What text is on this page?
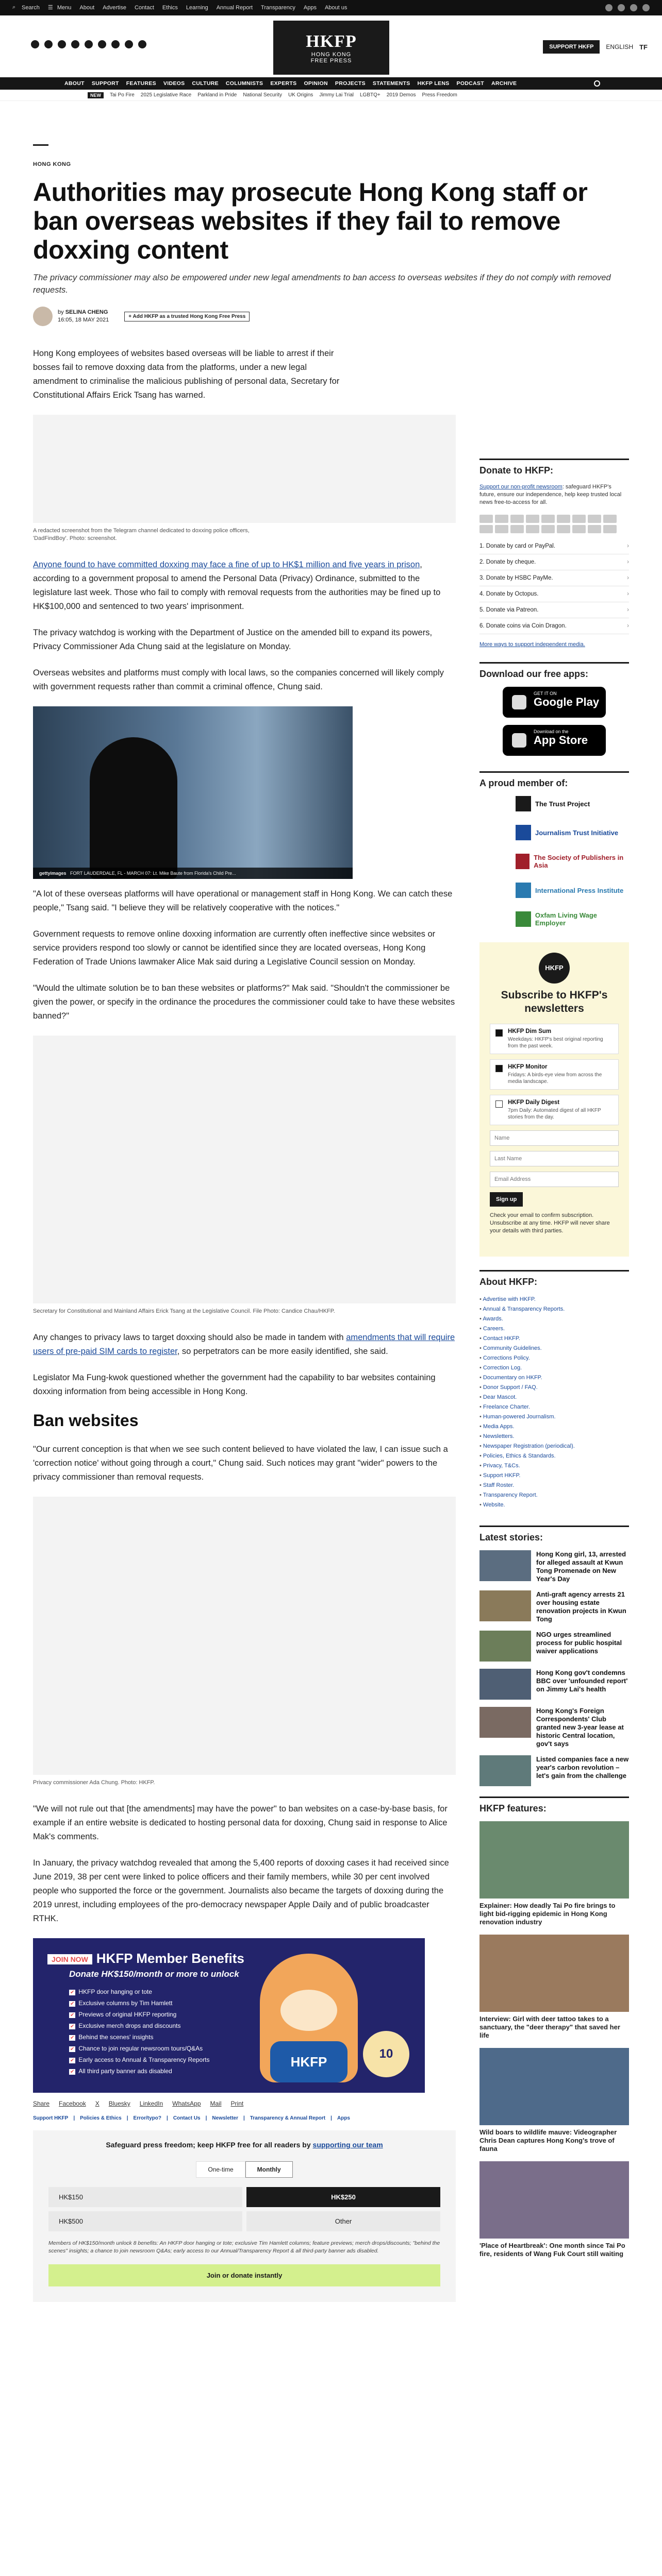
⌕	Search ☰ Menu About Advertise Contact Ethics Learning Annual Report Transparency Apps About us
HKFP
HONG KONG
FREE PRESS
SUPPORT HKFP	ENGLISH TF
ABOUT SUPPORT FEATURES VIDEOS CULTURE COLUMNISTS EXPERTS OPINION PROJECTS STATEMENTS HKFP LENS PODCAST ARCHIVE
NEW	Tai Po Fire 2025 Legislative Race Parkland in Pride National Security UK Origins Jimmy Lai Trial LGBTQ+ 2019 Demos Press Freedom
HONG KONG
Authorities may prosecute Hong Kong staff or ban overseas websites if they fail to remove doxxing content

The privacy commissioner may also be empowered under new legal amendments to ban access to overseas websites if they do not comply with removed requests.

by SELINA CHENG
16:05, 18 MAY 2021
+ Add HKFP as a trusted Hong Kong Free Press

Hong Kong employees of websites based overseas will be liable to arrest if their bosses fail to remove doxxing data from the platforms, under a new legal amendment to criminalise the malicious publishing of personal data, Secretary for Constitutional Affairs Erick Tsang has warned.

A redacted screenshot from the Telegram channel dedicated to doxxing police officers, 'DadFindBoy'. Photo: screenshot.

Anyone found to have committed doxxing may face a fine of up to HK$1 million and five years in prison, according to a government proposal to amend the Personal Data (Privacy) Ordinance, submitted to the legislature last week. Those who fail to comply with removal requests from the authorities may be fined up to HK$100,000 and sentenced to two years' imprisonment.

The privacy watchdog is working with the Department of Justice on the amended bill to expand its powers, Privacy Commissioner Ada Chung said at the legislature on Monday.

Overseas websites and platforms must comply with local laws, so the companies concerned will likely comply with government requests rather than commit a criminal offence, Chung said.

gettyimages FORT LAUDERDALE, FL - MARCH 07: Lt. Mike Baute from Florida's Child Pre...

"A lot of these overseas platforms will have operational or management staff in Hong Kong. We can catch these people," Tsang said. "I believe they will be relatively cooperative with the notices."

Government requests to remove online doxxing information are currently often ineffective since websites or service providers respond too slowly or cannot be identified since they are located overseas, Hong Kong Federation of Trade Unions lawmaker Alice Mak said during a Legislative Council session on Monday.

"Would the ultimate solution be to ban these websites or platforms?" Mak said. "Shouldn't the commissioner be given the power, or specify in the ordinance the procedures the commissioner could take to have these websites banned?"

Secretary for Constitutional and Mainland Affairs Erick Tsang at the Legislative Council. File Photo: Candice Chau/HKFP.

Any changes to privacy laws to target doxxing should also be made in tandem with amendments that will require users of pre-paid SIM cards to register, so perpetrators can be more easily identified, she said.

Legislator Ma Fung-kwok questioned whether the government had the capability to bar websites containing doxxing information from being accessible in Hong Kong.

Ban websites

"Our current conception is that when we see such content believed to have violated the law, I can issue such a 'correction notice' without going through a court," Chung said. Such notices may grant "wider" powers to the privacy commissioner than removal requests.

Privacy commissioner Ada Chung. Photo: HKFP.

"We will not rule out that [the amendments] may have the power" to ban websites on a case-by-base basis, for example if an entire website is dedicated to hosting personal data for doxxing, Chung said in response to Alice Mak's comments.

In January, the privacy watchdog revealed that among the 5,400 reports of doxxing cases it had received since June 2019, 38 per cent were linked to police officers and their family members, while 30 per cent involved people who supported the force or the government. Journalists also became the targets of doxxing during the 2019 unrest, including employees of the pro-democracy newspaper Apple Daily and of public broadcaster RTHK.

JOIN NOW HKFP Member Benefits
Donate HK$150/month or more to unlock
✔ HKFP door hanging or tote
✔ Exclusive columns by Tim Hamlett
✔ Previews of original HKFP reporting
✔ Exclusive merch drops and discounts
✔ Behind the scenes' insights
✔ Chance to join regular newsroom tours/Q&As
✔ Early access to Annual & Transparency Reports
✔ All third party banner ads disabled
HKFP
10
Share Facebook X Bluesky LinkedIn WhatsApp Mail Print
Support HKFP | Policies & Ethics | Error/typo? | Contact Us | Newsletter | Transparency & Annual Report | Apps
Safeguard press freedom; keep HKFP free for all readers by supporting our team
One-time	Monthly
HK$150	HK$250
HK$500	Other

Members of HK$150/month unlock 8 benefits: An HKFP door hanging or tote; exclusive Tim Hamlett columns; feature previews; merch drops/discounts; "behind the scenes" insights; a chance to join newsroom Q&As; early access to our Annual/Transparency Report & all third-party banner ads disabled.

Join or donate instantly
Donate to HKFP:

Support our non-profit newsroom: safeguard HKFP's future, ensure our independence, help keep trusted local news free-to-access for all.

1. Donate by card or PayPal. ›
2. Donate by cheque. ›
3. Donate by HSBC PayMe. ›
4. Donate by Octopus. ›
5. Donate via Patreon. ›
6. Donate coins via Coin Dragon. ›
More ways to support independent media.
Download our free apps:
GET IT ON
Google Play
Download on the
App Store
A proud member of:
The Trust Project
Journalism Trust Initiative
The Society of Publishers in Asia
International Press Institute
Oxfam Living Wage Employer
HKFP
Subscribe to HKFP's newsletters
HKFP Dim Sum
Weekdays: HKFP's best original reporting from the past week.
HKFP Monitor
Fridays: A birds-eye view from across the media landscape.
HKFP Daily Digest
7pm Daily: Automated digest of all HKFP stories from the day.
Name
Last Name
Email Address
Sign up

Check your email to confirm subscription. Unsubscribe at any time. HKFP will never share your details with third parties.

About HKFP:
• Advertise with HKFP.
• Annual & Transparency Reports.
• Awards.
• Careers.
• Contact HKFP.
• Community Guidelines.
• Corrections Policy.
• Correction Log.
• Documentary on HKFP.
• Donor Support / FAQ.
• Dear Mascot.
• Freelance Charter.
• Human-powered Journalism.
• Media Apps.
• Newsletters.
• Newspaper Registration (periodical).
• Policies, Ethics & Standards.
• Privacy, T&Cs.
• Support HKFP.
• Staff Roster.
• Transparency Report.
• Website.
Latest stories:
Hong Kong girl, 13, arrested for alleged assault at Kwun Tong Promenade on New Year's Day
Anti-graft agency arrests 21 over housing estate renovation projects in Kwun Tong
NGO urges streamlined process for public hospital waiver applications
Hong Kong gov't condemns BBC over 'unfounded report' on Jimmy Lai's health
Hong Kong's Foreign Correspondents' Club granted new 3-year lease at historic Central location, gov't says
Listed companies face a new year's carbon revolution – let's gain from the challenge
HKFP features:
Explainer: How deadly Tai Po fire brings to light bid-rigging epidemic in Hong Kong renovation industry
Interview: Girl with deer tattoo takes to a sanctuary, the "deer therapy" that saved her life
Wild boars to wildlife mauve: Videographer Chris Dean captures Hong Kong's trove of fauna
'Place of Heartbreak': One month since Tai Po fire, residents of Wang Fuk Court still waiting
